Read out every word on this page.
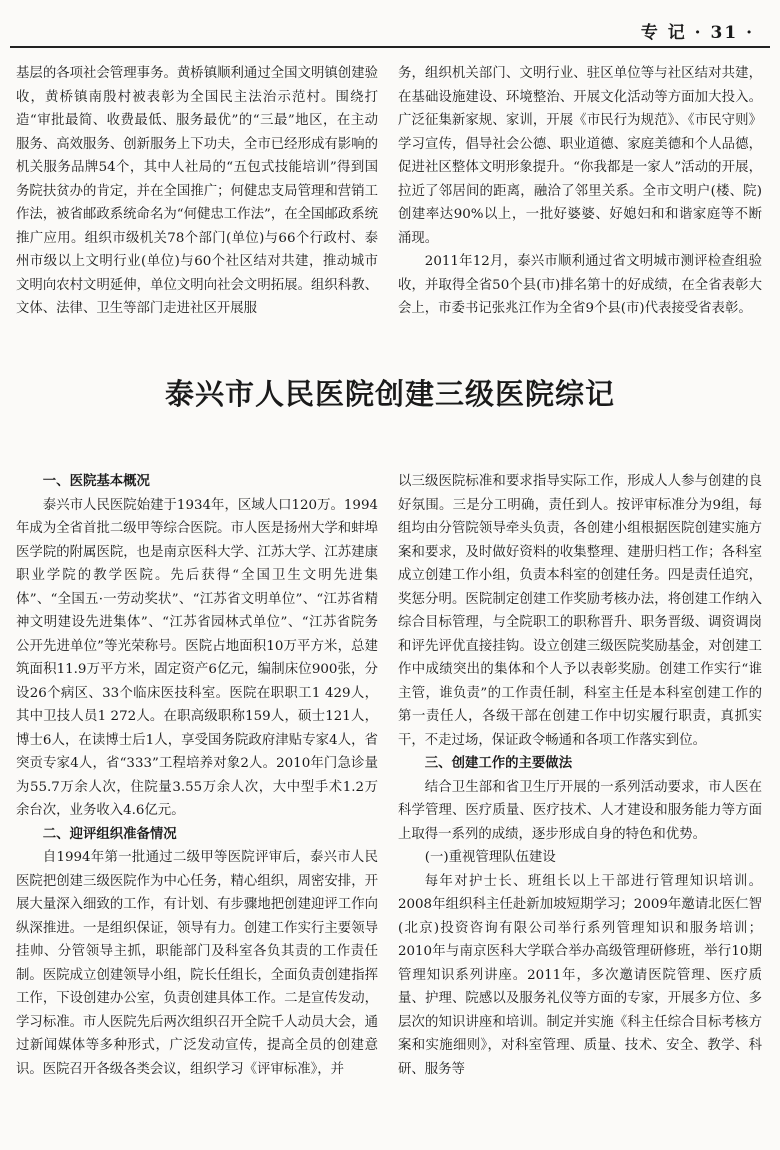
专 记 · 31 ·

基层的各项社会管理事务。黄桥镇顺利通过全国文明镇创建验收，黄桥镇南殷村被表彰为全国民主法治示范村。围绕打造“审批最简、收费最低、服务最优”的“三最”地区，在主动服务、高效服务、创新服务上下功夫，全市已经形成有影响的机关服务品牌54个，其中人社局的“五包式技能培训”得到国务院扶贫办的肯定，并在全国推广；何健忠支局管理和营销工作法，被省邮政系统命名为“何健忠工作法”，在全国邮政系统推广应用。组织市级机关78个部门(单位)与66个行政村、泰州市级以上文明行业(单位)与60个社区结对共建，推动城市文明向农村文明延伸，单位文明向社会文明拓展。组织科教、文体、法律、卫生等部门走进社区开展服

务，组织机关部门、文明行业、驻区单位等与社区结对共建，在基础设施建设、环境整治、开展文化活动等方面加大投入。广泛征集新家规、家训，开展《市民行为规范》、《市民守则》学习宣传，倡导社会公德、职业道德、家庭美德和个人品德，促进社区整体文明形象提升。“你我都是一家人”活动的开展，拉近了邻居间的距离，融洽了邻里关系。全市文明户(楼、院)创建率达90%以上，一批好婆婆、好媳妇和和谐家庭等不断涌现。

2011年12月，泰兴市顺利通过省文明城市测评检查组验收，并取得全省50个县(市)排名第十的好成绩，在全省表彰大会上，市委书记张兆江作为全省9个县(市)代表接受省表彰。

泰兴市人民医院创建三级医院综记
一、医院基本概况

泰兴市人民医院始建于1934年，区域人口120万。1994年成为全省首批二级甲等综合医院。市人医是扬州大学和蚌埠医学院的附属医院，也是南京医科大学、江苏大学、江苏建康职业学院的教学医院。先后获得“全国卫生文明先进集体”、“全国五·一劳动奖状”、“江苏省文明单位”、“江苏省精神文明建设先进集体”、“江苏省园林式单位”、“江苏省院务公开先进单位”等光荣称号。医院占地面积10万平方米，总建筑面积11.9万平方米，固定资产6亿元，编制床位900张，分设26个病区、33个临床医技科室。医院在职职工1 429人，其中卫技人员1 272人。在职高级职称159人，硕士121人，博士6人，在读博士后1人，享受国务院政府津贴专家4人，省突贡专家4人，省“333”工程培养对象2人。2010年门急诊量为55.7万余人次，住院量3.55万余人次，大中型手术1.2万余台次，业务收入4.6亿元。

二、迎评组织准备情况

自1994年第一批通过二级甲等医院评审后，泰兴市人民医院把创建三级医院作为中心任务，精心组织，周密安排，开展大量深入细致的工作，有计划、有步骤地把创建迎评工作向纵深推进。一是组织保证，领导有力。创建工作实行主要领导挂帅、分管领导主抓，职能部门及科室各负其责的工作责任制。医院成立创建领导小组，院长任组长，全面负责创建指挥工作，下设创建办公室，负责创建具体工作。二是宣传发动，学习标准。市人医院先后两次组织召开全院千人动员大会，通过新闻媒体等多种形式，广泛发动宣传，提高全员的创建意识。医院召开各级各类会议，组织学习《评审标准》，并

以三级医院标准和要求指导实际工作，形成人人参与创建的良好氛围。三是分工明确，责任到人。按评审标准分为9组，每组均由分管院领导牵头负责，各创建小组根据医院创建实施方案和要求，及时做好资料的收集整理、建册归档工作；各科室成立创建工作小组，负责本科室的创建任务。四是责任追究，奖惩分明。医院制定创建工作奖励考核办法，将创建工作纳入综合目标管理，与全院职工的职称晋升、职务晋级、调资调岗和评先评优直接挂钩。设立创建三级医院奖励基金，对创建工作中成绩突出的集体和个人予以表彰奖励。创建工作实行“谁主管，谁负责”的工作责任制，科室主任是本科室创建工作的第一责任人，各级干部在创建工作中切实履行职责，真抓实干，不走过场，保证政令畅通和各项工作落实到位。

三、创建工作的主要做法

结合卫生部和省卫生厅开展的一系列活动要求，市人医在科学管理、医疗质量、医疗技术、人才建设和服务能力等方面上取得一系列的成绩，逐步形成自身的特色和优势。

(一)重视管理队伍建设

每年对护士长、班组长以上干部进行管理知识培训。2008年组织科主任赴新加坡短期学习；2009年邀请北医仁智(北京)投资咨询有限公司举行系列管理知识和服务培训；2010年与南京医科大学联合举办高级管理研修班，举行10期管理知识系列讲座。2011年，多次邀请医院管理、医疗质量、护理、院感以及服务礼仪等方面的专家，开展多方位、多层次的知识讲座和培训。制定并实施《科主任综合目标考核方案和实施细则》，对科室管理、质量、技术、安全、教学、科研、服务等
